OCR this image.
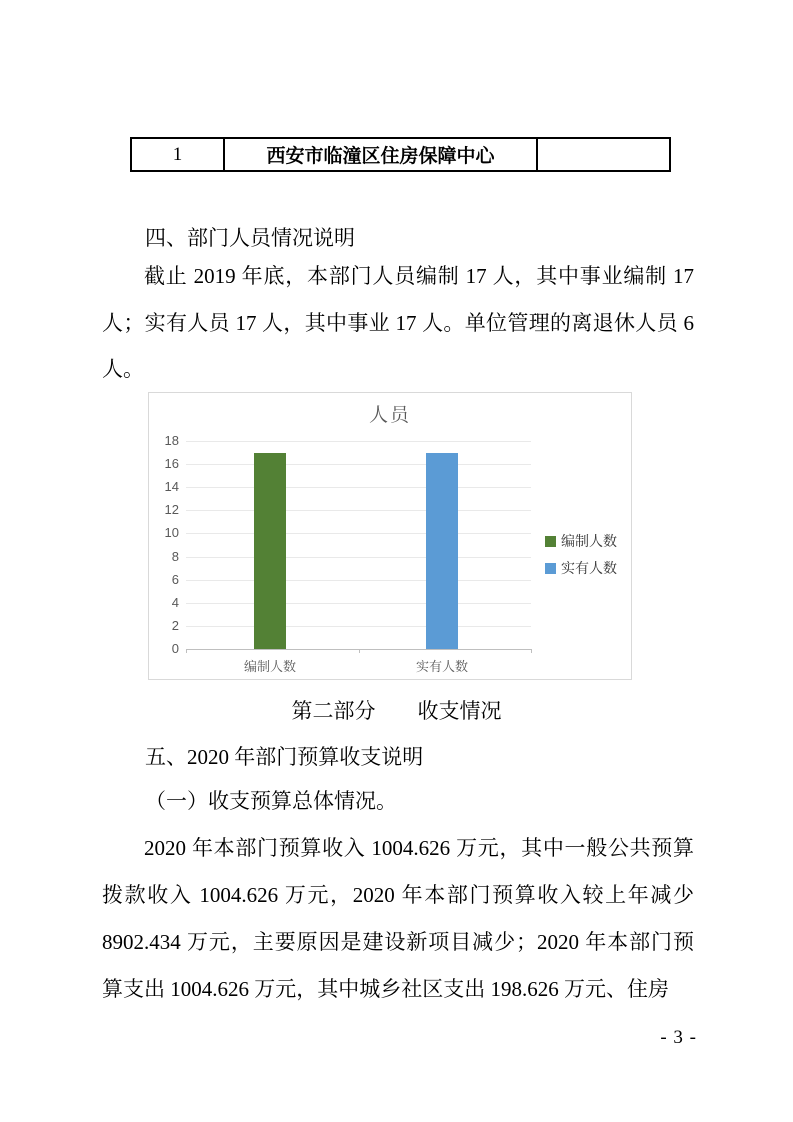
1	西安市临潼区住房保障中心	
四、部门人员情况说明
截止 2019 年底，本部门人员编制 17 人，其中事业编制 17 人；实有人员 17 人，其中事业 17 人。单位管理的离退休人员 6 人。
人员
0
2
4
6
8
10
12
14
16
18
编制人数	实有人数
编制人数
实有人数
第二部分　　收支情况
五、2020 年部门预算收支说明
（一）收支预算总体情况。
2020 年本部门预算收入 1004.626 万元，其中一般公共预算拨款收入 1004.626 万元，2020 年本部门预算收入较上年减少 8902.434 万元，主要原因是建设新项目减少；2020 年本部门预算支出 1004.626 万元，其中城乡社区支出 198.626 万元、住房
- 3 -
